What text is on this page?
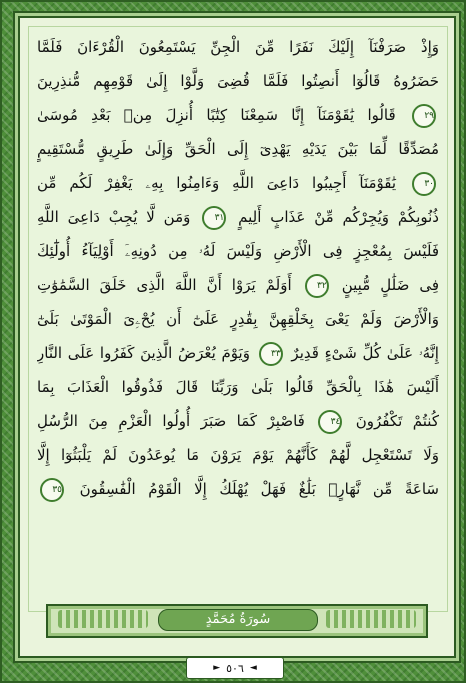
وَإِذْ صَرَفْنَآ إِلَيْكَ نَفَرًا مِّنَ الْجِنِّ يَسْتَمِعُونَ الْقُرْءَانَ فَلَمَّا
حَضَرُوهُ قَالُوٓا أَنصِتُوا فَلَمَّا قُضِىَ وَلَّوْا إِلَىٰ قَوْمِهِم مُّنذِرِينَ
٢٩ قَالُوا يَٰقَوْمَنَآ إِنَّا سَمِعْنَا كِتَٰبًا أُنزِلَ مِنۢ بَعْدِ مُوسَىٰ
مُصَدِّقًا لِّمَا بَيْنَ يَدَيْهِ يَهْدِىٓ إِلَى الْحَقِّ وَإِلَىٰ طَرِيقٍ مُّسْتَقِيمٍ
٣٠ يَٰقَوْمَنَآ أَجِيبُوا دَاعِىَ اللَّهِ وَءَامِنُوا بِهِۦ يَغْفِرْ لَكُم مِّن
ذُنُوبِكُمْ وَيُجِرْكُم مِّنْ عَذَابٍ أَلِيمٍ ٣١ وَمَن لَّا يُجِبْ دَاعِىَ اللَّهِ
فَلَيْسَ بِمُعْجِزٍ فِى الْأَرْضِ وَلَيْسَ لَهُۥ مِن دُونِهِۦٓ أَوْلِيَآءُ أُولَٰٓئِكَ
فِى ضَلَٰلٍ مُّبِينٍ ٣٢ أَوَلَمْ يَرَوْا أَنَّ اللَّهَ الَّذِى خَلَقَ السَّمَٰوَٰتِ
وَالْأَرْضَ وَلَمْ يَعْىَ بِخَلْقِهِنَّ بِقَٰدِرٍ عَلَىٰٓ أَن يُحْۦِىَ الْمَوْتَىٰ بَلَىٰٓ
إِنَّهُۥ عَلَىٰ كُلِّ شَىْءٍ قَدِيرٌ ٣٣ وَيَوْمَ يُعْرَضُ الَّذِينَ كَفَرُوا عَلَى النَّارِ
أَلَيْسَ هَٰذَا بِالْحَقِّ قَالُوا بَلَىٰ وَرَبِّنَا قَالَ فَذُوقُوا الْعَذَابَ بِمَا
كُنتُمْ تَكْفُرُونَ ٣٤ فَاصْبِرْ كَمَا صَبَرَ أُولُوا الْعَزْمِ مِنَ الرُّسُلِ
وَلَا تَسْتَعْجِل لَّهُمْ كَأَنَّهُمْ يَوْمَ يَرَوْنَ مَا يُوعَدُونَ لَمْ يَلْبَثُوٓا إِلَّا
سَاعَةً مِّن نَّهَارٍۭ بَلَٰغٌ فَهَلْ يُهْلَكُ إِلَّا الْقَوْمُ الْفَٰسِقُونَ ٣٥
سُورَةُ مُحَمَّدٍ
◄
٥٠٦
►
